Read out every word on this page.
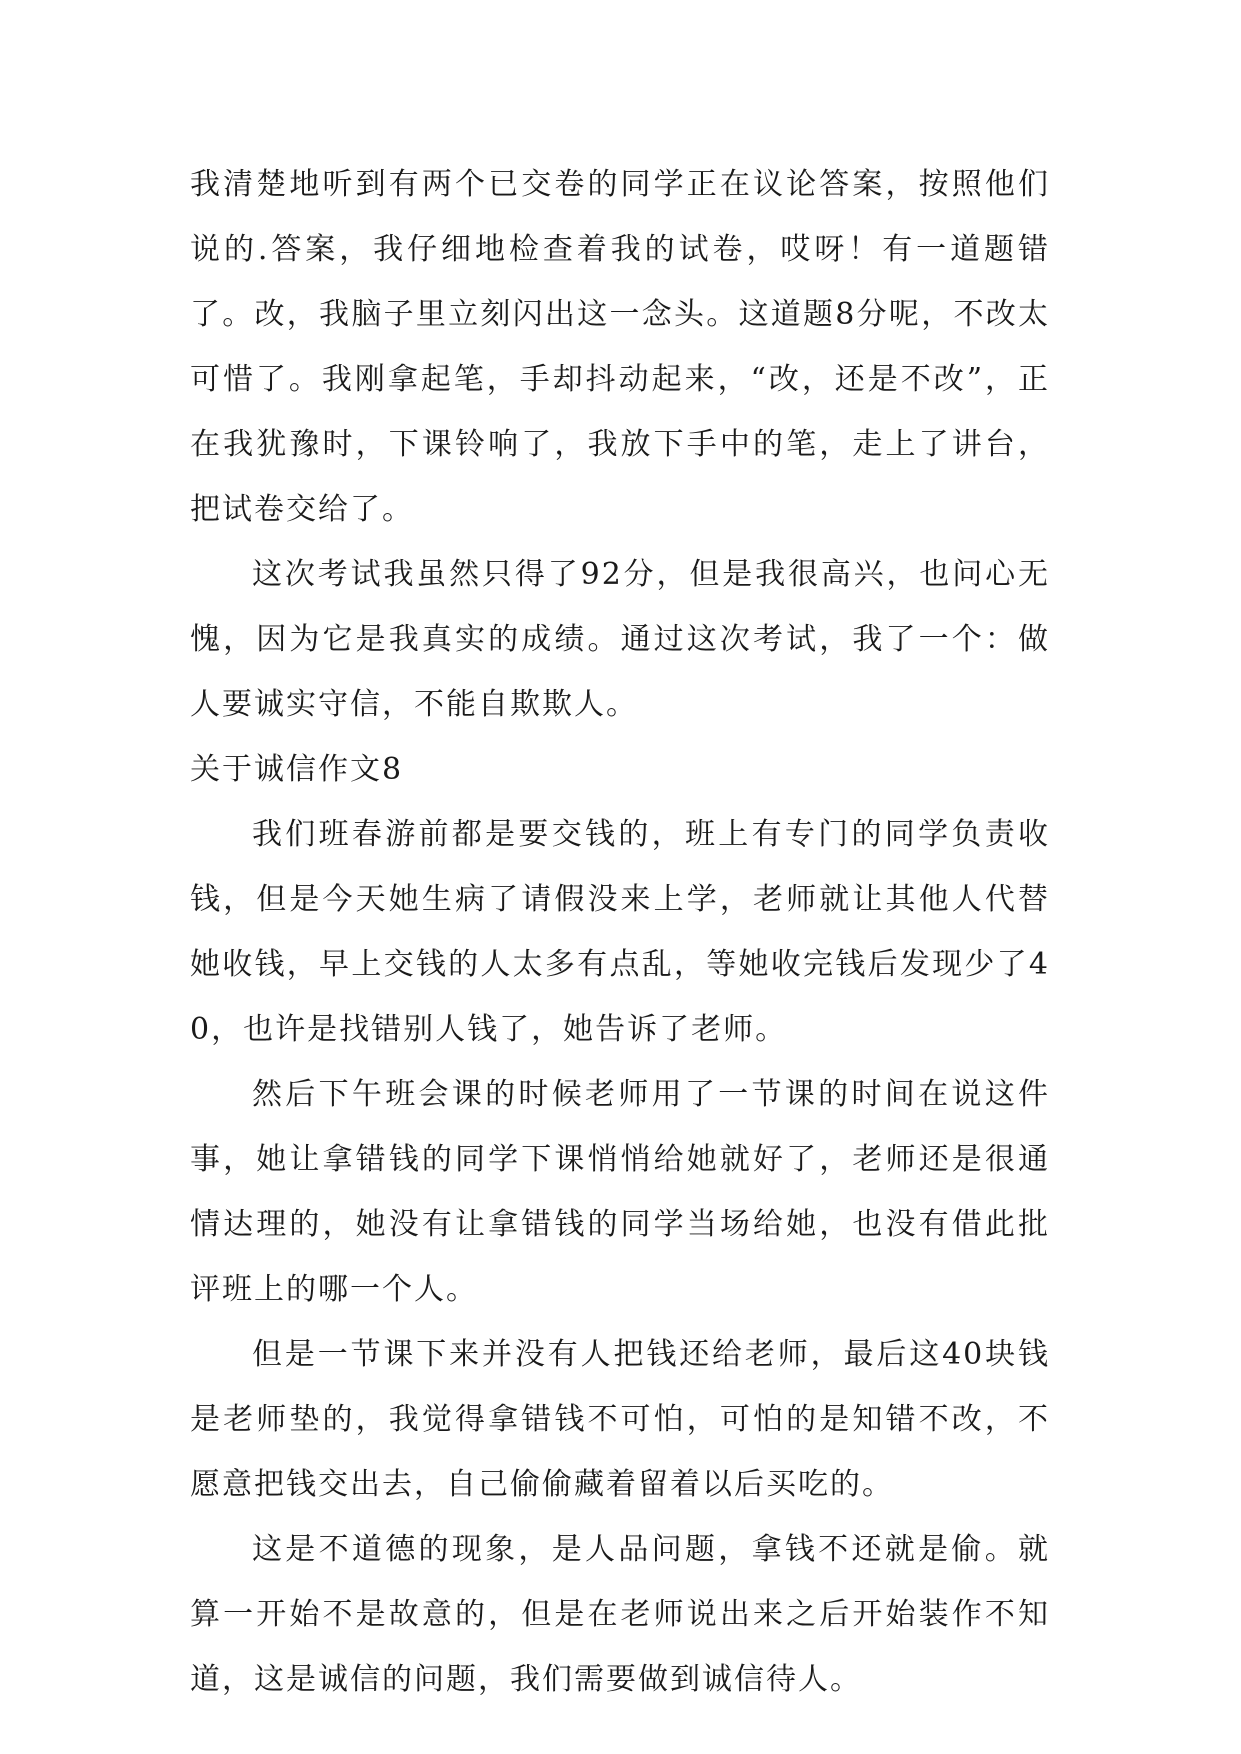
我清楚地听到有两个已交卷的同学正在议论答案，按照他们说的.答案，我仔细地检查着我的试卷，哎呀！有一道题错了。改，我脑子里立刻闪出这一念头。这道题8分呢，不改太可惜了。我刚拿起笔，手却抖动起来，“改，还是不改”，正在我犹豫时，下课铃响了，我放下手中的笔，走上了讲台，把试卷交给了。

这次考试我虽然只得了92分，但是我很高兴，也问心无愧，因为它是我真实的成绩。通过这次考试，我了一个：做人要诚实守信，不能自欺欺人。

关于诚信作文8

我们班春游前都是要交钱的，班上有专门的同学负责收钱，但是今天她生病了请假没来上学，老师就让其他人代替她收钱，早上交钱的人太多有点乱，等她收完钱后发现少了40，也许是找错别人钱了，她告诉了老师。

然后下午班会课的时候老师用了一节课的时间在说这件事，她让拿错钱的同学下课悄悄给她就好了，老师还是很通情达理的，她没有让拿错钱的同学当场给她，也没有借此批评班上的哪一个人。

但是一节课下来并没有人把钱还给老师，最后这40块钱是老师垫的，我觉得拿错钱不可怕，可怕的是知错不改，不愿意把钱交出去，自己偷偷藏着留着以后买吃的。

这是不道德的现象，是人品问题，拿钱不还就是偷。就算一开始不是故意的，但是在老师说出来之后开始装作不知道，这是诚信的问题，我们需要做到诚信待人。
